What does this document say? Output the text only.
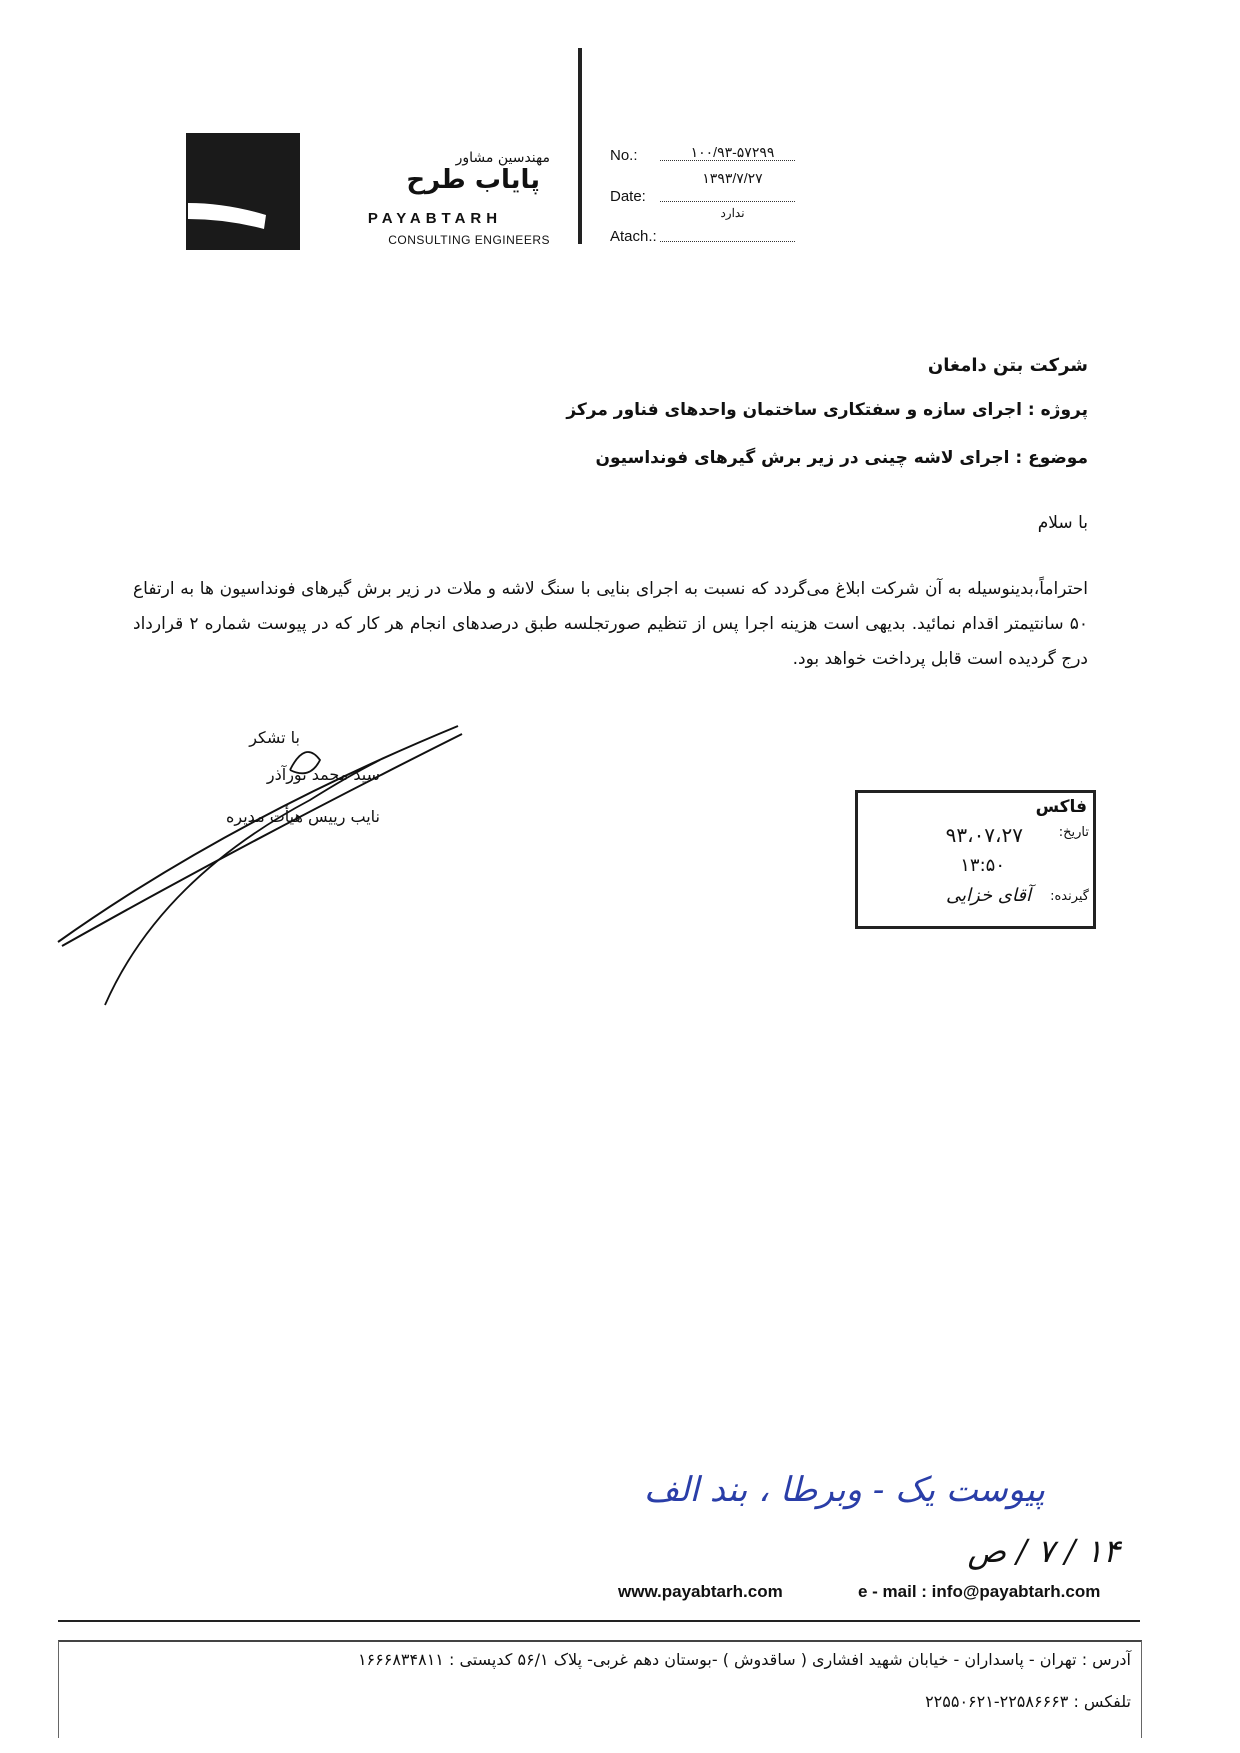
مهندسین مشاور
پایاب طرح
PAYABTARH
CONSULTING ENGINEERS
No.:	۱۰۰/۹۳-۵۷۲۹۹
Date:
۱۳۹۳/۷/۲۷
Atach.:
ندارد
شرکت بتن دامغان
پروژه : اجرای سازه و سفتکاری ساختمان واحدهای فناور مرکز
موضوع : اجرای لاشه چینی در زیر برش گیرهای فونداسیون
با سلام
احتراماً،بدینوسیله به آن شرکت ابلاغ می‌گردد که نسبت به اجرای بنایی با سنگ لاشه و ملات در زیر برش گیرهای فونداسیون ها به ارتفاع ۵۰ سانتیمتر اقدام نمائید. بدیهی است هزینه اجرا پس از تنظیم صورتجلسه طبق درصدهای انجام هر کار که در پیوست شماره ۲ قرارداد درج گردیده است قابل پرداخت خواهد بود.
با تشکر
سید محمد نورآذر
نایب رییس هیأت مدیره	فاکس
تاریخ:
۹۳،۰۷،۲۷
۱۳:۵۰
گیرنده:
آقای خزایی
پیوست یک - وبرطا ، بند الف
۱۴ / ۷ / ص
www.payabtarh.com	e - mail : info@payabtarh.com
آدرس : تهران - پاسداران - خیابان شهید افشاری ( ساقدوش ) -بوستان دهم غربی- پلاک ۵۶/۱ کدپستی : ۱۶۶۶۸۳۴۸۱۱
تلفکس : ۲۲۵۸۶۶۶۳-۲۲۵۵۰۶۲۱
